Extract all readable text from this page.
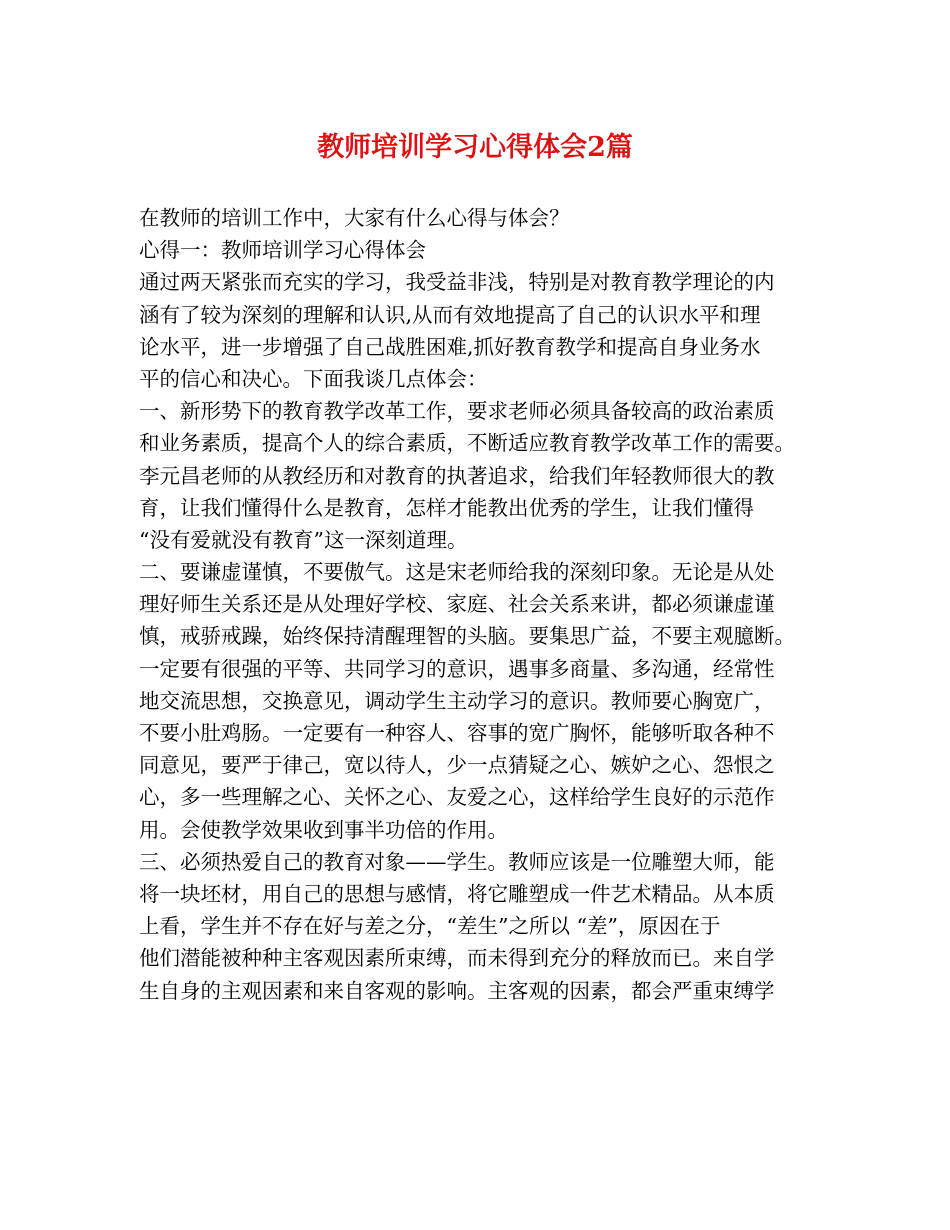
教师培训学习心得体会2篇
在教师的培训工作中，大家有什么心得与体会？
心得一：教师培训学习心得体会
通过两天紧张而充实的学习，我受益非浅，特别是对教育教学理论的内
涵有了较为深刻的理解和认识,从而有效地提高了自己的认识水平和理
论水平，进一步增强了自己战胜困难,抓好教育教学和提高自身业务水
平的信心和决心。下面我谈几点体会：
一、新形势下的教育教学改革工作，要求老师必须具备较高的政治素质
和业务素质，提高个人的综合素质，不断适应教育教学改革工作的需要。
李元昌老师的从教经历和对教育的执著追求，给我们年轻教师很大的教
育，让我们懂得什么是教育，怎样才能教出优秀的学生，让我们懂得
“没有爱就没有教育”这一深刻道理。
二、要谦虚谨慎，不要傲气。这是宋老师给我的深刻印象。无论是从处
理好师生关系还是从处理好学校、家庭、社会关系来讲，都必须谦虚谨
慎，戒骄戒躁，始终保持清醒理智的头脑。要集思广益，不要主观臆断。
一定要有很强的平等、共同学习的意识，遇事多商量、多沟通，经常性
地交流思想，交换意见，调动学生主动学习的意识。教师要心胸宽广，
不要小肚鸡肠。一定要有一种容人、容事的宽广胸怀，能够听取各种不
同意见，要严于律己，宽以待人，少一点猜疑之心、嫉妒之心、怨恨之
心，多一些理解之心、关怀之心、友爱之心，这样给学生良好的示范作
用。会使教学效果收到事半功倍的作用。
三、必须热爱自己的教育对象——学生。教师应该是一位雕塑大师，能
将一块坯材，用自己的思想与感情，将它雕塑成一件艺术精品。从本质
上看，学生并不存在好与差之分，“差生”之所以 “差”，原因在于
他们潜能被种种主客观因素所束缚，而未得到充分的释放而已。来自学
生自身的主观因素和来自客观的影响。主客观的因素，都会严重束缚学
